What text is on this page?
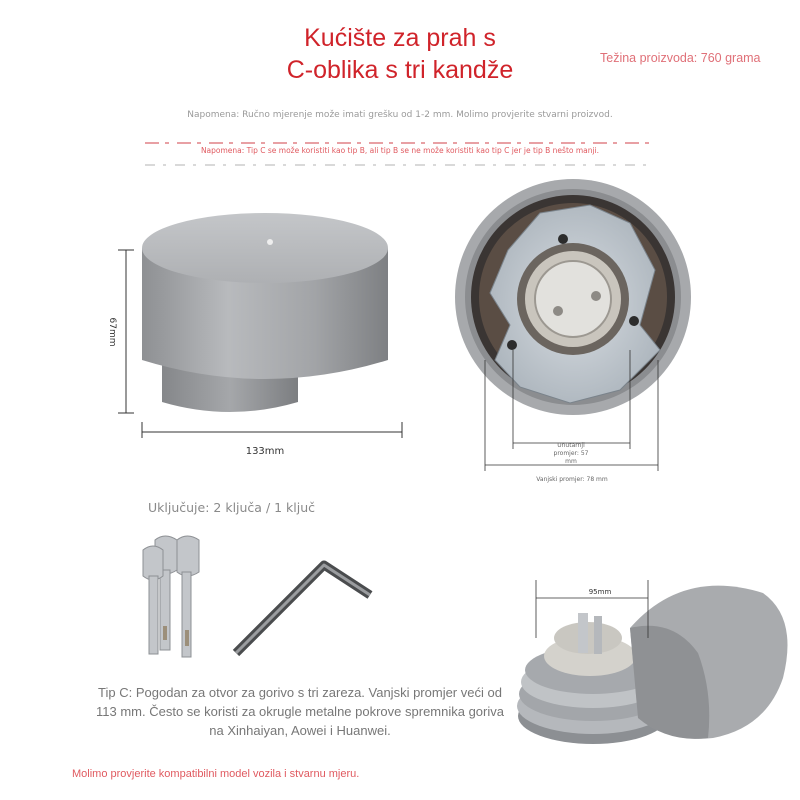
Kućište za prah s
C-oblika s tri kandže	Težina proizvoda: 760 grama
Napomena: Ručno mjerenje može imati grešku od 1-2 mm. Molimo provjerite stvarni proizvod.
Napomena: Tip C se može koristiti kao tip B, ali tip B se ne može koristiti kao tip C jer je tip B nešto manji.
67mm
133mm
Unutarnji
promjer: 57
mm
Vanjski promjer: 78 mm
Uključuje: 2 ključa / 1 ključ
Tip C: Pogodan za otvor za gorivo s tri zareza. Vanjski promjer veći od 113 mm. Često se koristi za okrugle metalne pokrove spremnika goriva na Xinhaiyan, Aowei i Huanwei.
95mm
Molimo provjerite kompatibilni model vozila i stvarnu mjeru.
